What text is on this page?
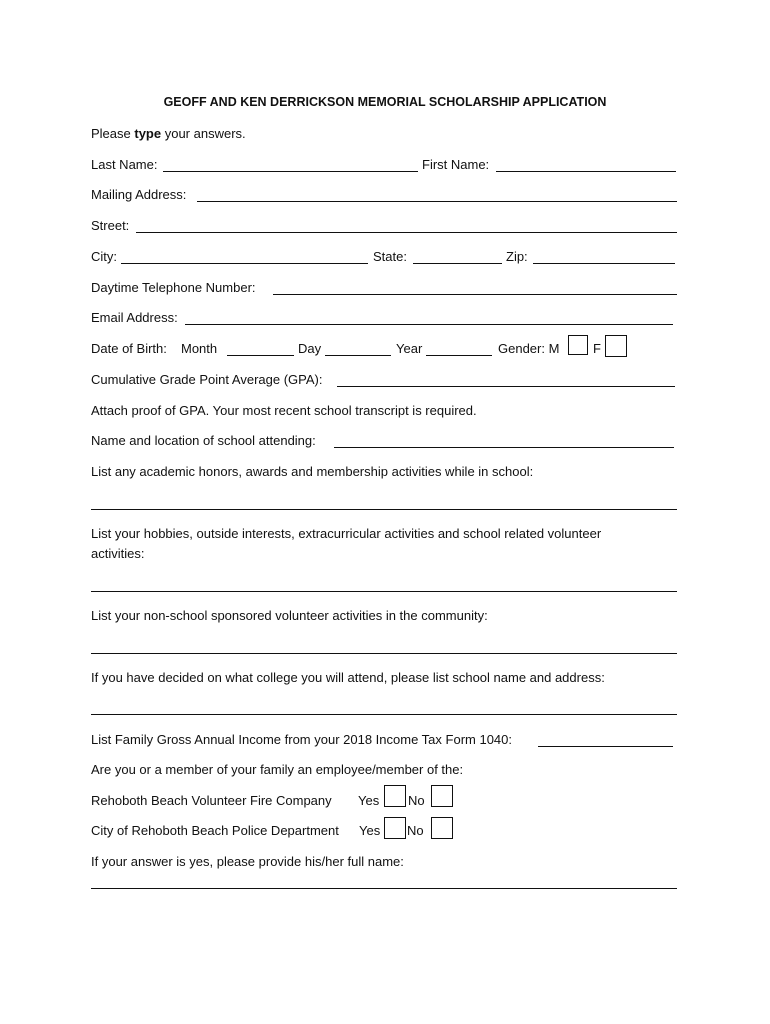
GEOFF AND KEN DERRICKSON MEMORIAL SCHOLARSHIP APPLICATION
Please type your answers.
Last Name:	First Name:
Mailing Address:
Street:
City:	State:	Zip:
Daytime Telephone Number:
Email Address:
Date of Birth: Month	Day	Year	Gender: M	F
Cumulative Grade Point Average (GPA):
Attach proof of GPA. Your most recent school transcript is required.
Name and location of school attending:
List any academic honors, awards and membership activities while in school:
List your hobbies, outside interests, extracurricular activities and school related volunteer
activities:
List your non-school sponsored volunteer activities in the community:
If you have decided on what college you will attend, please list school name and address:
List Family Gross Annual Income from your 2018 Income Tax Form 1040:
Are you or a member of your family an employee/member of the:
Rehoboth Beach Volunteer Fire Company Yes No
City of Rehoboth Beach Police Department Yes No
If your answer is yes, please provide his/her full name:
